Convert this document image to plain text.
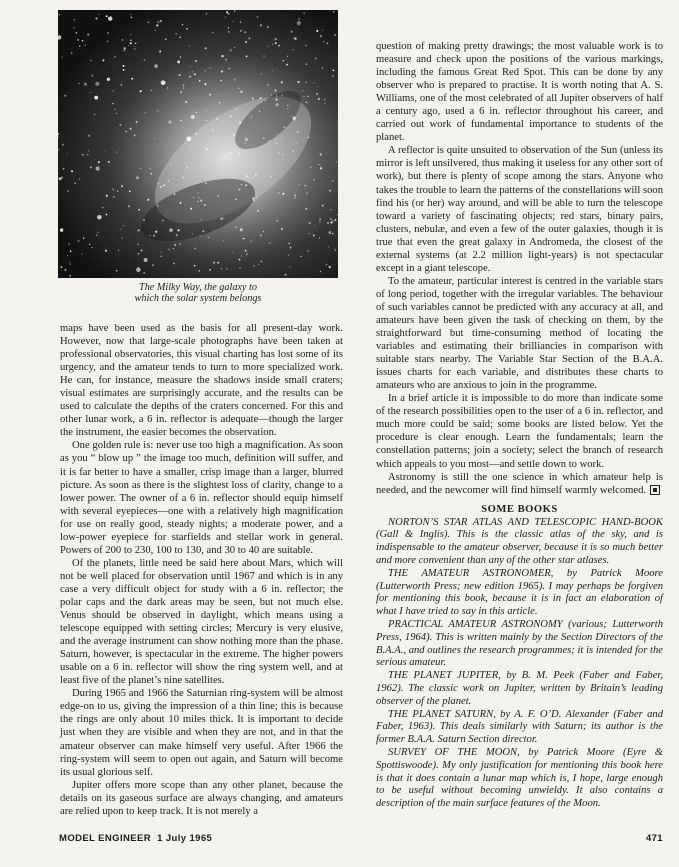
The Milky Way, the galaxy to
which the solar system belongs

maps have been used as the basis for all present-day work. However, now that large-scale photographs have been taken at professional observatories, this visual charting has lost some of its urgency, and the amateur tends to turn to more specialized work. He can, for instance, measure the shadows inside small craters; visual estimates are surprisingly accurate, and the results can be used to calculate the depths of the craters concerned. For this and other lunar work, a 6 in. reflector is adequate—though the larger the instrument, the easier becomes the observation.

One golden rule is: never use too high a magnification. As soon as you “ blow up ” the image too much, definition will suffer, and it is far better to have a smaller, crisp image than a larger, blurred picture. As soon as there is the slightest loss of clarity, change to a lower power. The owner of a 6 in. reflector should equip himself with several eyepieces—one with a relatively high magnification for use on really good, steady nights; a moderate power, and a low-power eyepiece for starfields and stellar work in general. Powers of 200 to 230, 100 to 130, and 30 to 40 are suitable.

Of the planets, little need be said here about Mars, which will not be well placed for observation until 1967 and which is in any case a very difficult object for study with a 6 in. reflector; the polar caps and the dark areas may be seen, but not much else. Venus should be observed in daylight, which means using a telescope equipped with setting circles; Mercury is very elusive, and the average instrument can show nothing more than the phase. Saturn, however, is spectacular in the extreme. The higher powers usable on a 6 in. reflector will show the ring system well, and at least five of the planet’s nine satellites.

During 1965 and 1966 the Saturnian ring-system will be almost edge-on to us, giving the impression of a thin line; this is because the rings are only about 10 miles thick. It is important to decide just when they are visible and when they are not, and in that the amateur observer can make himself very useful. After 1966 the ring-system will seem to open out again, and Saturn will become its usual glorious self.

Jupiter offers more scope than any other planet, because the details on its gaseous surface are always changing, and amateurs are relied upon to keep track. It is not merely a

question of making pretty drawings; the most valuable work is to measure and check upon the positions of the various markings, including the famous Great Red Spot. This can be done by any observer who is prepared to practise. It is worth noting that A. S. Williams, one of the most celebrated of all Jupiter observers of half a century ago, used a 6 in. reflector throughout his career, and carried out work of fundamental importance to students of the planet.

A reflector is quite unsuited to observation of the Sun (unless its mirror is left unsilvered, thus making it useless for any other sort of work), but there is plenty of scope among the stars. Anyone who takes the trouble to learn the patterns of the constellations will soon find his (or her) way around, and will be able to turn the telescope toward a variety of fascinating objects; red stars, binary pairs, clusters, nebulæ, and even a few of the outer galaxies, though it is true that even the great galaxy in Andromeda, the closest of the external systems (at 2.2 million light-years) is not spectacular except in a giant telescope.

To the amateur, particular interest is centred in the variable stars of long period, together with the irregular variables. The behaviour of such variables cannot be predicted with any accuracy at all, and amateurs have been given the task of checking on them, by the straightforward but time-consuming method of locating the variables and estimating their brilliancies in comparison with suitable stars nearby. The Variable Star Section of the B.A.A. issues charts for each variable, and distributes these charts to amateurs who are anxious to join in the programme.

In a brief article it is impossible to do more than indicate some of the research possibilities open to the user of a 6 in. reflector, and much more could be said; some books are listed below. Yet the procedure is clear enough. Learn the fundamentals; learn the constellation patterns; join a society; select the branch of research which appeals to you most—and settle down to work.

Astronomy is still the one science in which amateur help is needed, and the newcomer will find himself warmly welcomed.

SOME BOOKS

NORTON’S STAR ATLAS AND TELESCOPIC HAND-BOOK (Gall & Inglis). This is the classic atlas of the sky, and is indispensable to the amateur observer, because it is so much better and more convenient than any of the other star atlases.

THE AMATEUR ASTRONOMER, by Patrick Moore (Lutterworth Press; new edition 1965). I may perhaps be forgiven for mentioning this book, because it is in fact an elaboration of what I have tried to say in this article.

PRACTICAL AMATEUR ASTRONOMY (various; Lutterworth Press, 1964). This is written mainly by the Section Directors of the B.A.A., and outlines the research programmes; it is intended for the serious amateur.

THE PLANET JUPITER, by B. M. Peek (Faber and Faber, 1962). The classic work on Jupiter, written by Britain’s leading observer of the planet.

THE PLANET SATURN, by A. F. O’D. Alexander (Faber and Faber, 1963). This deals similarly with Saturn; its author is the former B.A.A. Saturn Section director.

SURVEY OF THE MOON, by Patrick Moore (Eyre & Spottiswoode). My only justification for mentioning this book here is that it does contain a lunar map which is, I hope, large enough to be useful without becoming unwieldy. It also contains a description of the main surface features of the Moon.

MODEL ENGINEER 1 July 1965	471
